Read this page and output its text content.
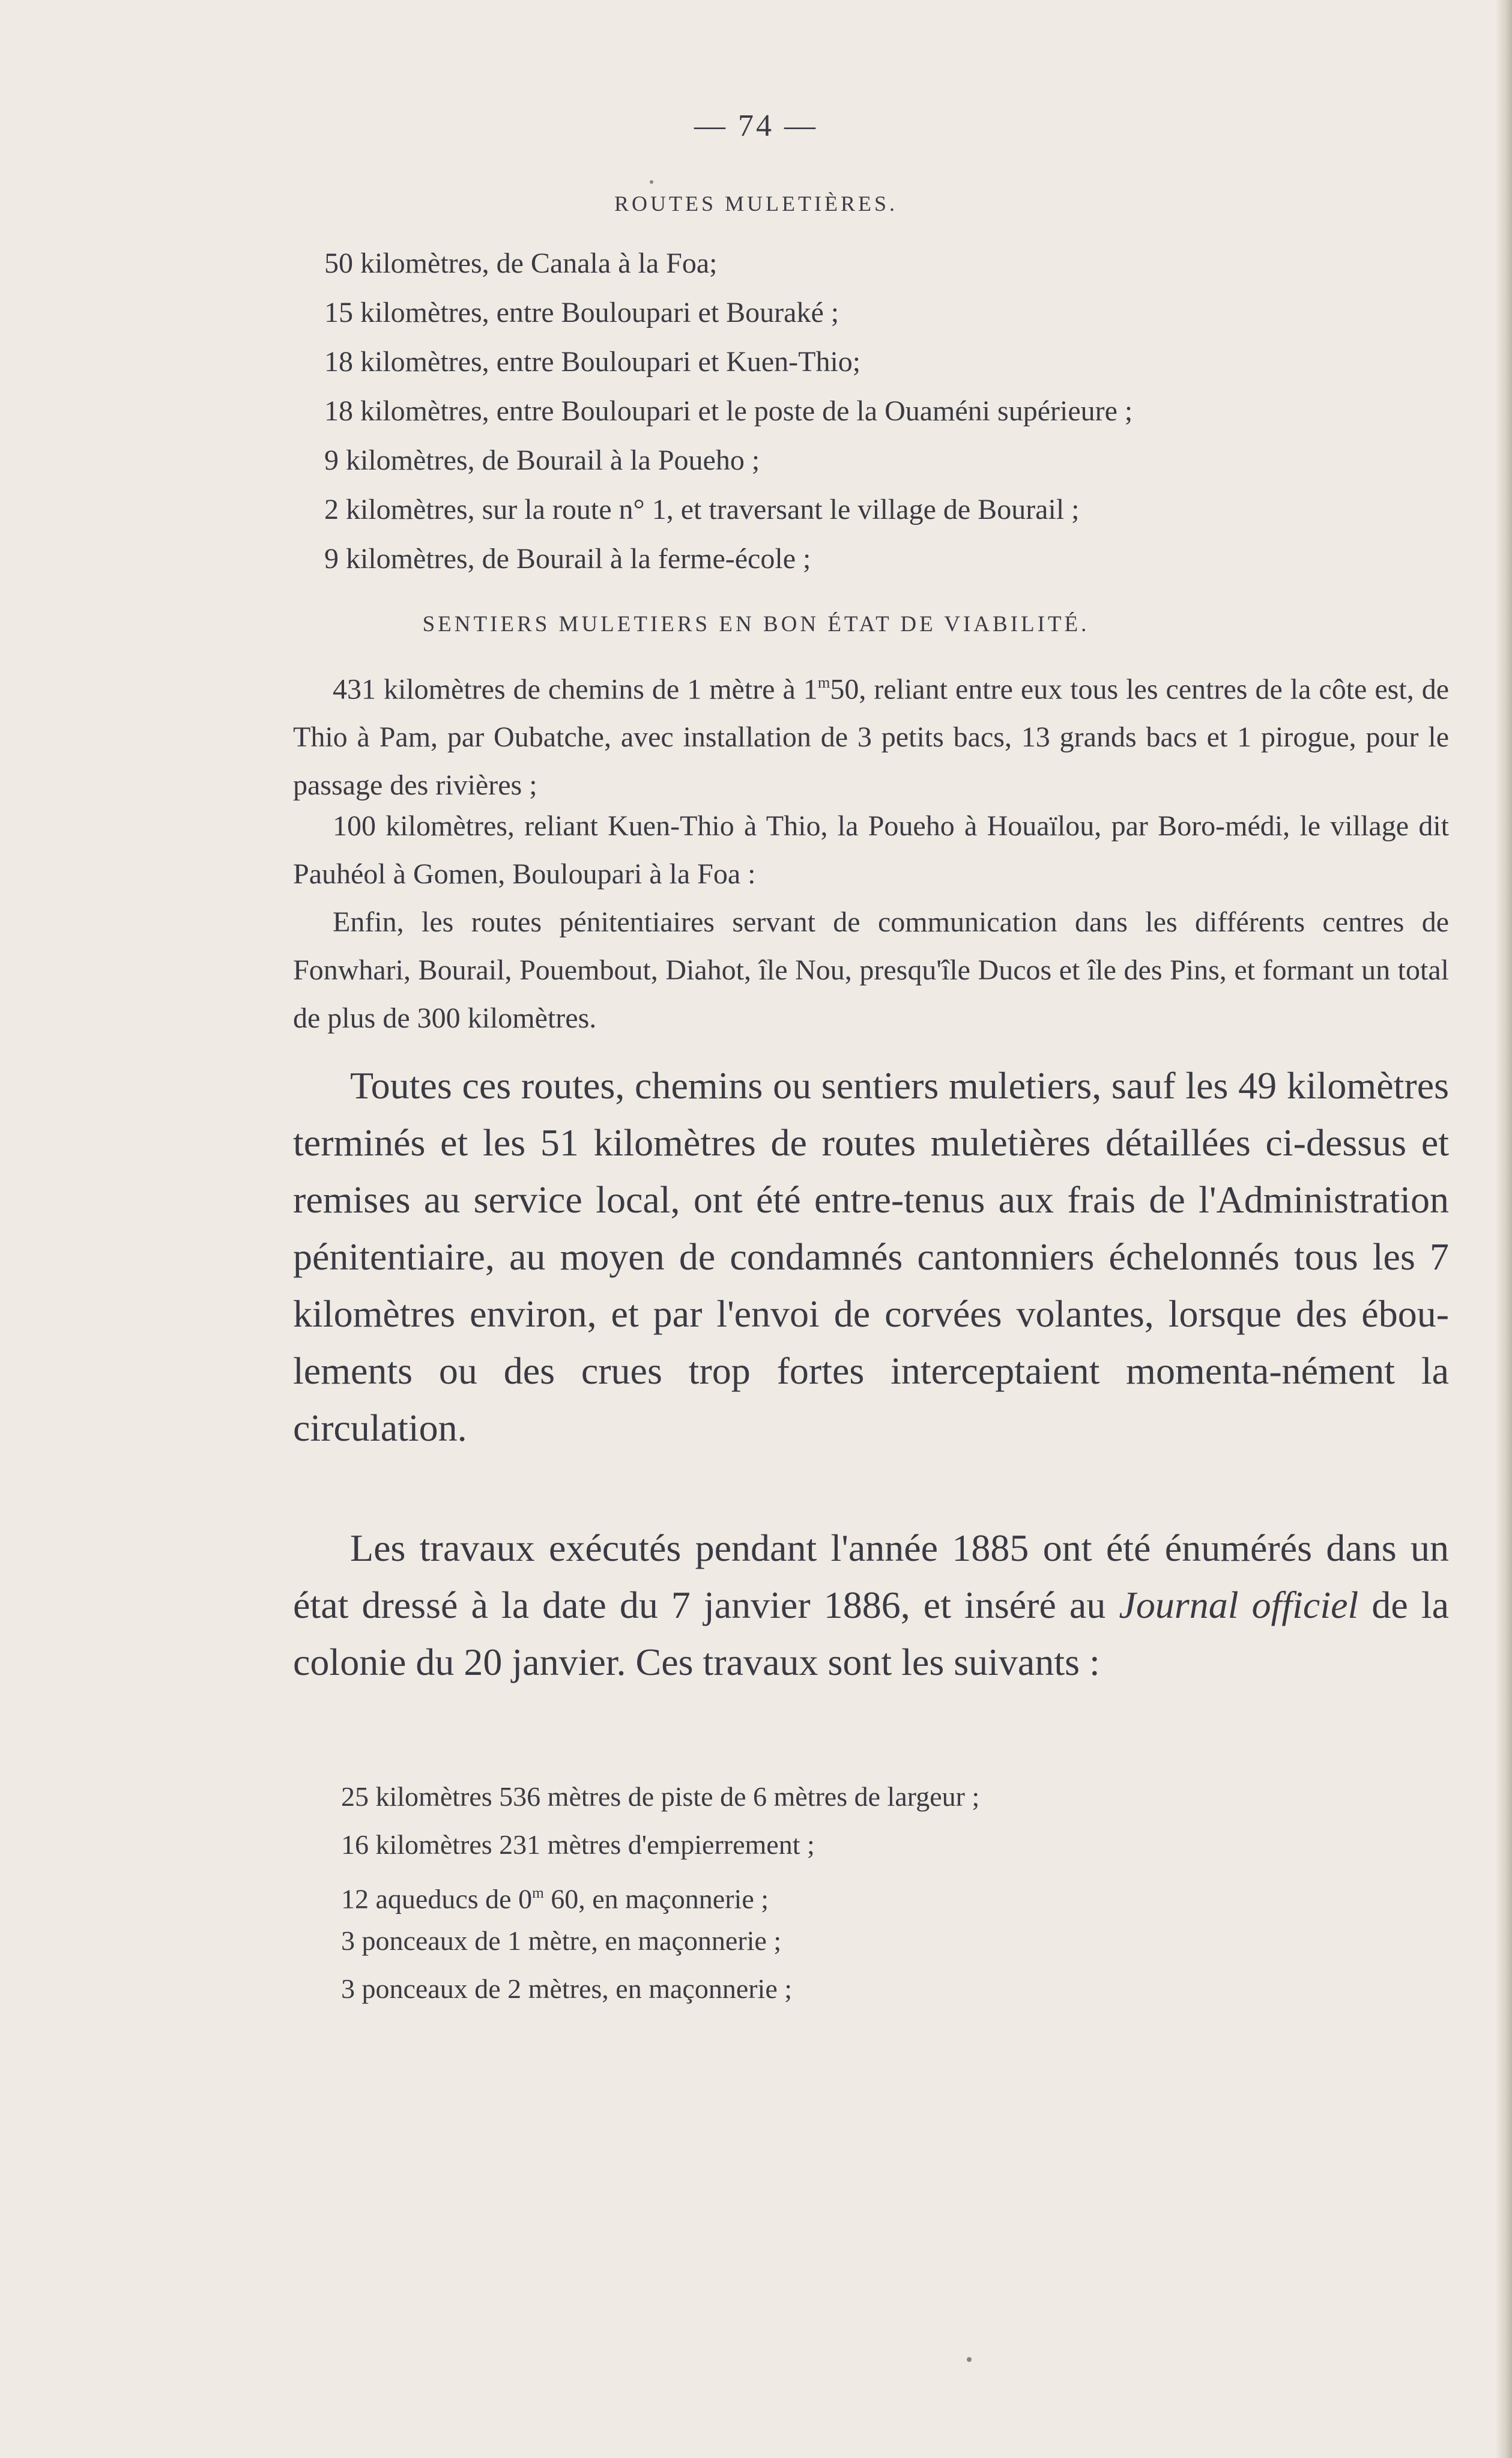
— 74 —
ROUTES MULETIÈRES.
50 kilomètres, de Canala à la Foa;
15 kilomètres, entre Bouloupari et Bouraké ;
18 kilomètres, entre Bouloupari et Kuen-Thio;
18 kilomètres, entre Bouloupari et le poste de la Ouaméni supérieure ;
9 kilomètres, de Bourail à la Poueho ;
2 kilomètres, sur la route n° 1, et traversant le village de Bourail ;
9 kilomètres, de Bourail à la ferme-école ;
SENTIERS MULETIERS EN BON ÉTAT DE VIABILITÉ.
431 kilomètres de chemins de 1 mètre à 1$^m$50, reliant entre eux tous les centres de la côte est, de Thio à Pam, par Oubatche, avec installation de 3 petits bacs, 13 grands bacs et 1 pirogue, pour le passage des rivières ;
100 kilomètres, reliant Kuen-Thio à Thio, la Poueho à Houaïlou, par Boro-médi, le village dit Pauhéol à Gomen, Bouloupari à la Foa :
Enfin, les routes pénitentiaires servant de communication dans les différents centres de Fonwhari, Bourail, Pouembout, Diahot, île Nou, presqu'île Ducos et île des Pins, et formant un total de plus de 300 kilomètres.
Toutes ces routes, chemins ou sentiers muletiers, sauf les 49 kilomètres terminés et les 51 kilomètres de routes muletières détaillées ci-dessus et remises au service local, ont été entre-tenus aux frais de l'Administration pénitentiaire, au moyen de condamnés cantonniers échelonnés tous les 7 kilomètres environ, et par l'envoi de corvées volantes, lorsque des ébou-lements ou des crues trop fortes interceptaient momenta-nément la circulation.
Les travaux exécutés pendant l'année 1885 ont été énumérés dans un état dressé à la date du 7 janvier 1886, et inséré au Journal officiel de la colonie du 20 janvier. Ces travaux sont les suivants :
25 kilomètres 536 mètres de piste de 6 mètres de largeur ;
16 kilomètres 231 mètres d'empierrement ;
12 aqueducs de 0$^m$ 60, en maçonnerie ;
3 ponceaux de 1 mètre, en maçonnerie ;
3 ponceaux de 2 mètres, en maçonnerie ;
